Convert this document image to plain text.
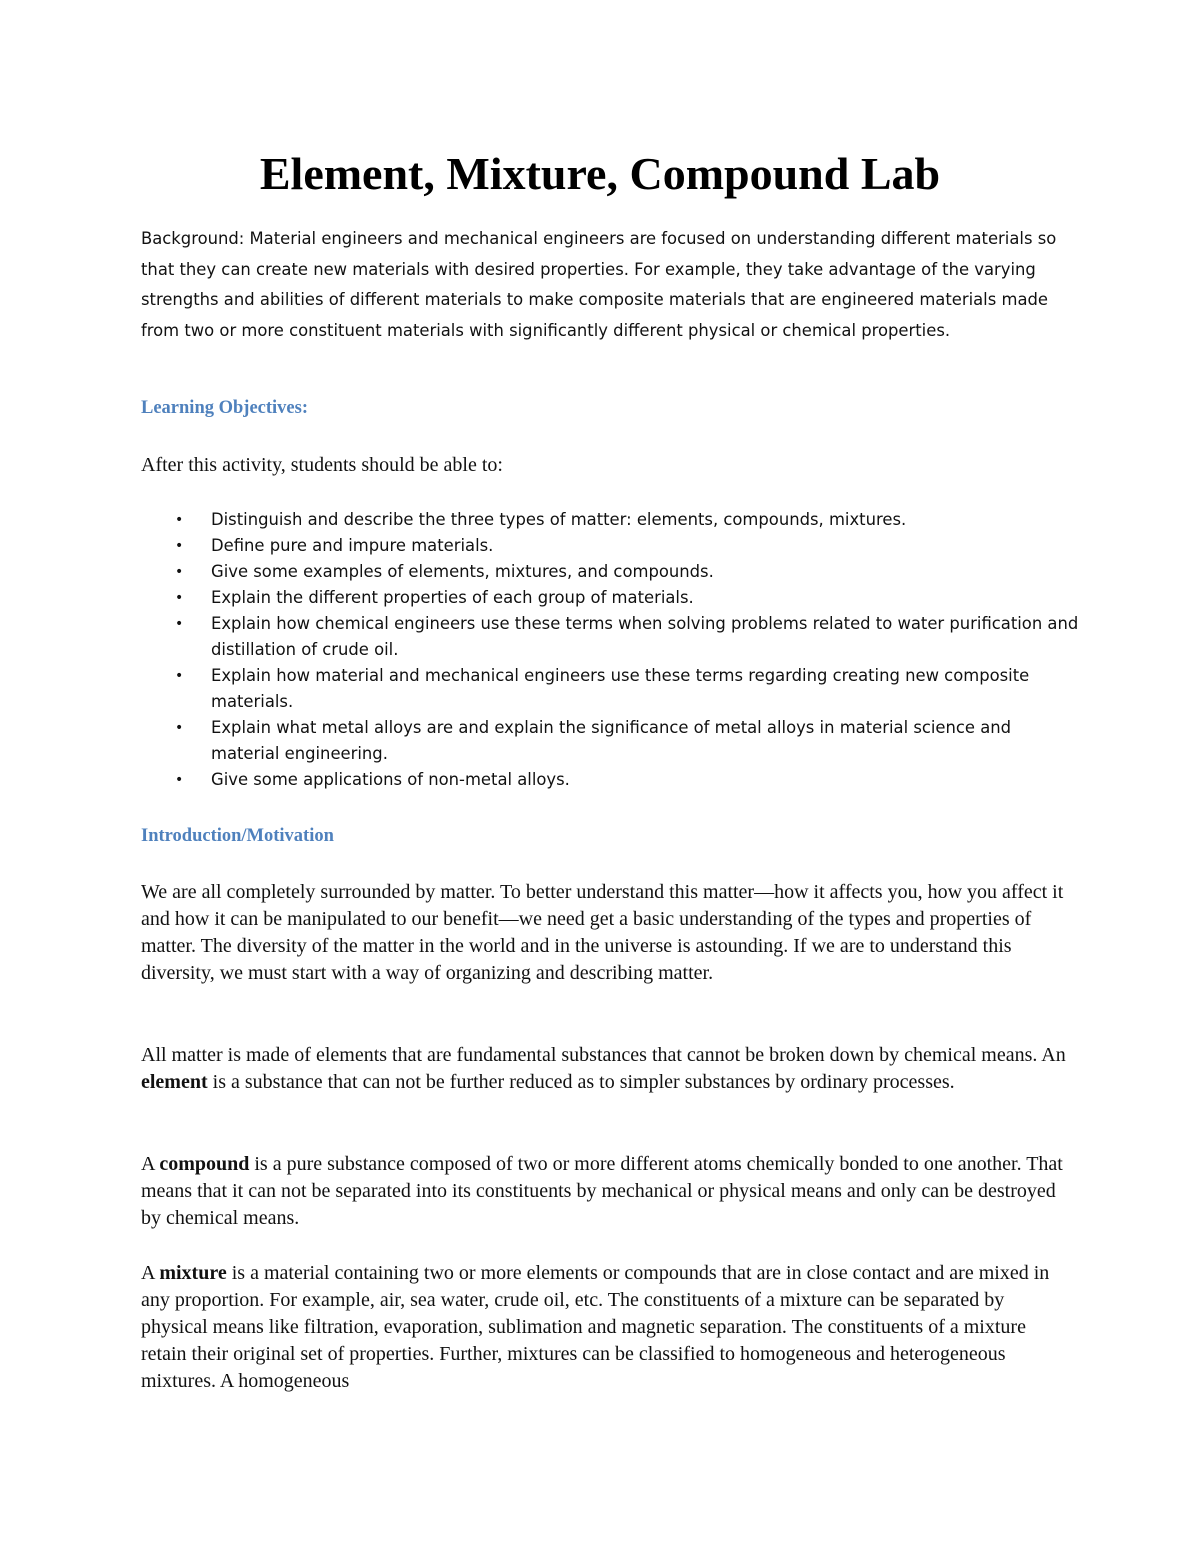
Element, Mixture, Compound Lab

Background: Material engineers and mechanical engineers are focused on understanding different materials so that they can create new materials with desired properties. For example, they take advantage of the varying strengths and abilities of different materials to make composite materials that are engineered materials made from two or more constituent materials with significantly different physical or chemical properties.

Learning Objectives:

After this activity, students should be able to:

• Distinguish and describe the three types of matter: elements, compounds, mixtures.
• Define pure and impure materials.
• Give some examples of elements, mixtures, and compounds.
• Explain the different properties of each group of materials.
• Explain how chemical engineers use these terms when solving problems related to water purification and distillation of crude oil.
• Explain how material and mechanical engineers use these terms regarding creating new composite materials.
• Explain what metal alloys are and explain the significance of metal alloys in material science and material engineering.
• Give some applications of non-metal alloys.
Introduction/Motivation

We are all completely surrounded by matter. To better understand this matter—how it affects you, how you affect it and how it can be manipulated to our benefit—we need get a basic understanding of the types and properties of matter. The diversity of the matter in the world and in the universe is astounding. If we are to understand this diversity, we must start with a way of organizing and describing matter.

All matter is made of elements that are fundamental substances that cannot be broken down by chemical means. An element is a substance that can not be further reduced as to simpler substances by ordinary processes.

A compound is a pure substance composed of two or more different atoms chemically bonded to one another. That means that it can not be separated into its constituents by mechanical or physical means and only can be destroyed by chemical means.

A mixture is a material containing two or more elements or compounds that are in close contact and are mixed in any proportion. For example, air, sea water, crude oil, etc. The constituents of a mixture can be separated by physical means like filtration, evaporation, sublimation and magnetic separation. The constituents of a mixture retain their original set of properties. Further, mixtures can be classified to homogeneous and heterogeneous mixtures. A homogeneous
